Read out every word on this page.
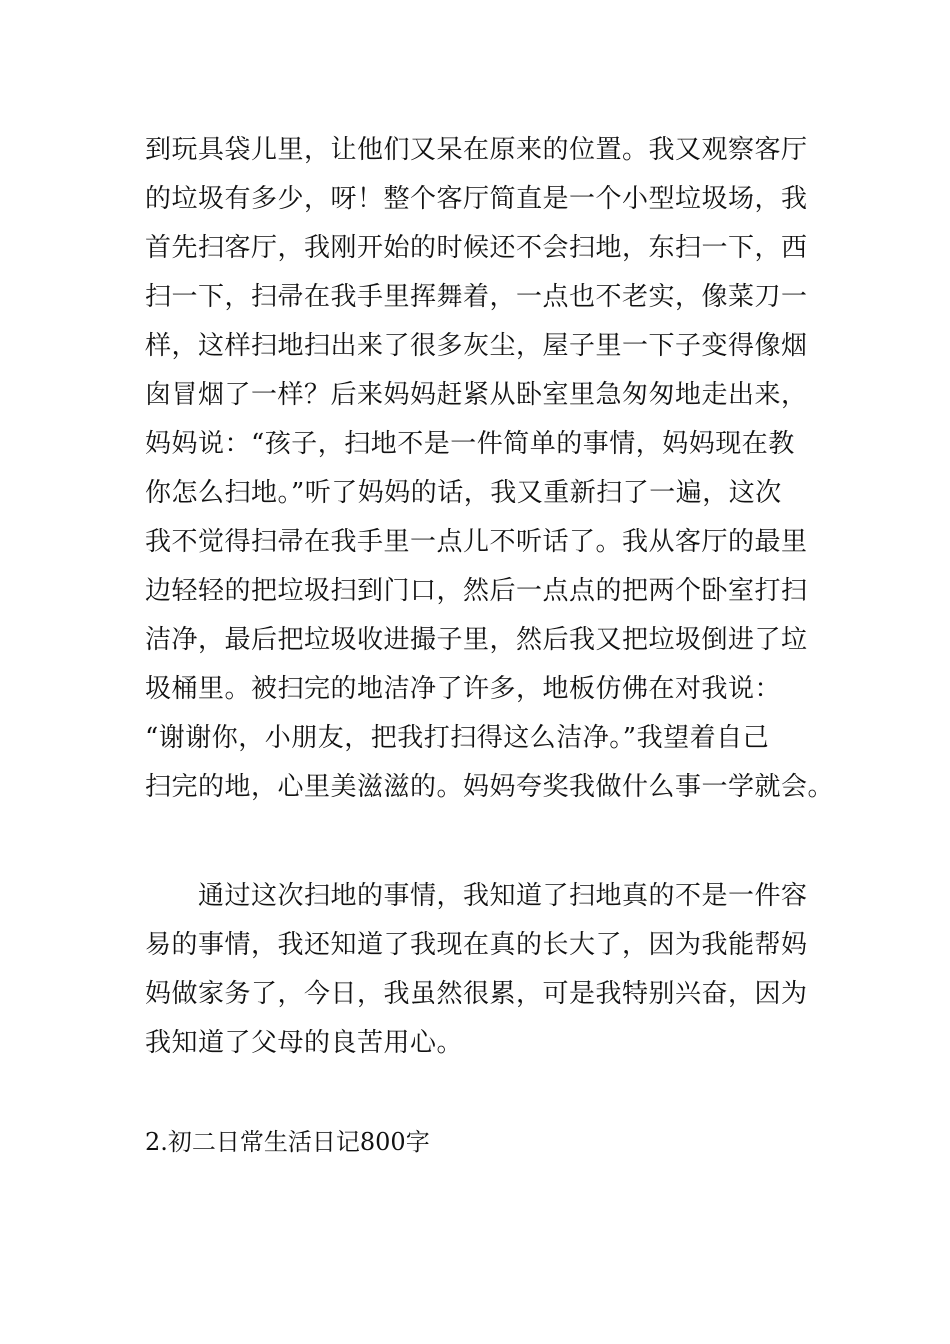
到玩具袋儿里，让他们又呆在原来的位置。我又观察客厅
的垃圾有多少，呀！整个客厅简直是一个小型垃圾场，我
首先扫客厅，我刚开始的时候还不会扫地，东扫一下，西
扫一下，扫帚在我手里挥舞着，一点也不老实，像菜刀一
样，这样扫地扫出来了很多灰尘，屋子里一下子变得像烟
囱冒烟了一样？后来妈妈赶紧从卧室里急匆匆地走出来，
妈妈说：“孩子，扫地不是一件简单的事情，妈妈现在教
你怎么扫地。”听了妈妈的话，我又重新扫了一遍，这次
我不觉得扫帚在我手里一点儿不听话了。我从客厅的最里
边轻轻的把垃圾扫到门口，然后一点点的把两个卧室打扫
洁净，最后把垃圾收进撮子里，然后我又把垃圾倒进了垃
圾桶里。被扫完的地洁净了许多，地板仿佛在对我说：
“谢谢你，小朋友，把我打扫得这么洁净。”我望着自己
扫完的地，心里美滋滋的。妈妈夸奖我做什么事一学就会。
通过这次扫地的事情，我知道了扫地真的不是一件容
易的事情，我还知道了我现在真的长大了，因为我能帮妈
妈做家务了，今日，我虽然很累，可是我特别兴奋，因为
我知道了父母的良苦用心。
2.初二日常生活日记800字
